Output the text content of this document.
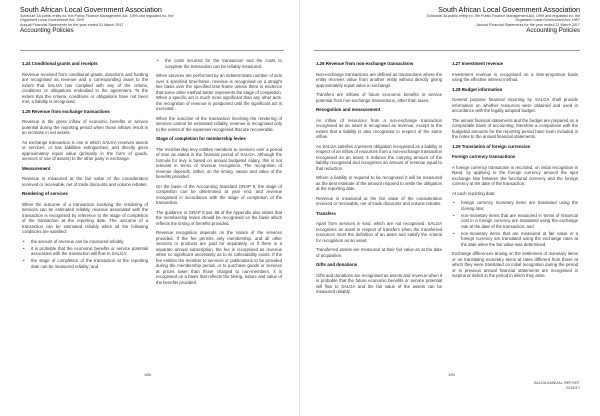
South African Local Government Association
Schedule 3A public entity iro. the Public Finance Management Act, 1999 and regulated iro. the
Organised Local Government Act, 1997
Annual Financial Statements for the year ended 31 March 2017
Accounting Policies
1.24 Conditional grants and receipts

Revenue received from conditional grants, donations and funding are recognised as revenue and a corresponding asset to the extent that SALGA has complied with any of the criteria, conditions or obligations embodied in the agreement. To the extent that the criteria, conditions or obligations have not been met, a liability is recognised.

1.25 Revenue from exchange transactions

Revenue is the gross inflow of economic benefits or service potential during the reporting period when those inflows result in an increase in net assets.

An exchange transaction is one in which SALGA receives assets or services, or has liabilities extinguished, and directly gives approximately equal value (primarily in the form of goods, services or use of assets) to the other party in exchange.

Measurement

Revenue is measured at the fair value of the consideration received or receivable, net of trade discounts and volume rebates.

Rendering of services

When the outcome of a transaction involving the rendering of services can be estimated reliably, revenue associated with the transaction is recognised by reference to the stage of completion of the transaction at the reporting date. The outcome of a transaction can be estimated reliably when all the following conditions are satisfied:

• the amount of revenue can be measured reliably;
• it is probable that the economic benefits or service potential associated with the transaction will flow to SALGA;
• the stage of completion of the transaction at the reporting date can be measured reliably; and
• the costs incurred for the transaction and the costs to complete the transaction can be reliably measured.

When services are performed by an indeterminate number of acts over a specified time-frame, revenue is recognised on a straight line basis over the specified time-frame unless there is evidence that some other method better represents the stage of completion. When a specific act is much more significant than any other acts, the recognition of revenue is postponed until the significant act is executed.

When the outcome of the transaction involving the rendering of services cannot be estimated reliably, revenue is recognised only to the extent of the expenses recognised that are recoverable.

Stage of completion for membership levies

The membership levy entitles members to services over a period of time as stated in the financial period of SALGA. Although the formula for levy is based on annual budgeted salary, this is not relevant in terms of revenue recognition. The recognition of revenue depends, rather, on the timing, nature and value of the benefits provided.

On the basis of the Accounting Standard GRAP 9, the stage of completion can be determined at year end, and revenue recognised in accordance with the stage of completion of the transaction.

The guidance in GRAP 9 par. 68 of the Appendix also states that the membership levies should be recognised on the basis which reflects the timing of benefits provided.

Revenue recognition depends on the nature of the services provided. If the fee permits only membership, and all other services or products are paid for separately, or if there is a separate annual subscription, the fee is recognised as revenue when no significant uncertainty as to its collectability exists. If the fee entitles the member to services or publications to be provided during the membership period, or to purchase goods or services at prices lower than those charged to non-members, it is recognised on a basis that reflects the timing, nature and value of the benefits provided.

198
South African Local Government Association
Schedule 3A public entity iro. the Public Finance Management Act, 1999 and regulated iro. the
Organised Local Government Act, 1997
Annual Financial Statements for the year ended 31 March 2017
Accounting Policies
1.26 Revenue from non-exchange transactions

Non-exchange transactions are defined as transactions where the entity receives value from another entity without directly giving approximately equal value in exchange.

Transfers are inflows of future economic benefits or service potential from non-exchange transactions, other than taxes.

Recognition and measurement

An inflow of resources from a non-exchange transaction recognised as an asset is recognised as revenue, except to the extent that a liability is also recognised in respect of the same inflow.

As SALGA satisfies a present obligation recognised as a liability in respect of an inflow of resources from a non-exchange transaction recognised as an asset, it reduces the carrying amount of the liability recognised and recognises an amount of revenue equal to that reduction.

Where a liability is required to be recognised it will be measured as the best estimate of the amount required to settle the obligation at the reporting date.

Revenue is measured at the fair value of the consideration received or receivable, net of trade discounts and volume rebates.

Transfers

Apart from services in kind, which are not recognised, SALGA recognises an asset in respect of transfers when the transferred resources meet the definition of an asset and satisfy the criteria for recognition as an asset.

Transferred assets are measured at their fair value as at the date of acquisition.

Gifts and donations

Gifts and donations are recognised as assets and revenue when it is probable that the future economic benefits or service potential will flow to SALGA and the fair value of the assets can be measured reliably.

1.27 Investment revenue

Investment revenue is recognised on a time-proportion basis using the effective interest method.

1.28 Budget information

General purpose financial reporting by SALGA shall provide information on whether resources were obtained and used in accordance with the legally adopted budget.

The annual financial statements and the budget are prepared on a comparable basis of accounting, therefore a comparison with the budgeted amounts for the reporting period have been included in the notes to the annual financial statements.

1.29 Translation of foreign currencies
Foreign currency transactions

A foreign currency transaction is recorded, on initial recognition in Rand, by applying to the foreign currency amount the spot exchange rate between the functional currency and the foreign currency at the date of the transaction.

At each reporting date:

• foreign currency monetary items are translated using the closing rate;
• non-monetary items that are measured in terms of historical cost in a foreign currency are translated using the exchange rate at the date of the transaction; and
• non-monetary items that are measured at fair value in a foreign currency are translated using the exchange rates at the date when the fair value was determined.

Exchange differences arising on the settlement of monetary items or on translating monetary items at rates different from those at which they were translated on initial recognition during the period or in previous annual financial statements are recognised in surplus or deficit in the period in which they arise.

199
SALGA ANNUAL REPORT
2016/17
